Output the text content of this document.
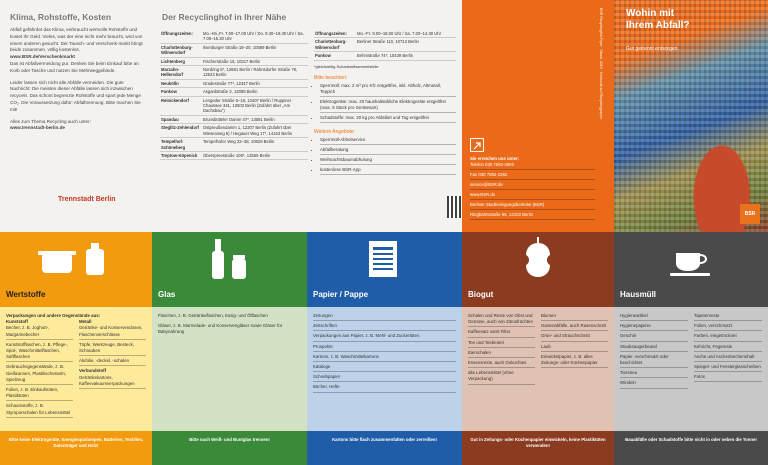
Klima, Rohstoffe, Kosten

Abfall gefährdet das Klima, verbraucht wertvolle Rohstoffe und kostet Ihr Geld. Vieles, was der eine nicht mehr braucht, wird von einem anderen gesucht. Der Tausch- und Verschenk-markt bringt beide zusammen, völlig kostenlos.

www.BSR.de/Verschenkmarkt

Das ist Abfallvermeidung pur. Denken Sie beim Einkauf bitte an Korb oder Tasche und nutzen Sie Mehrweggebinde.

Leider lassen sich nicht alle Abfälle vermeiden. Die gute Nachricht: Die meisten dieser Abfälle lassen sich inzwischen recyceln. Das schont begrenzte Rohstoffe und spart jede Menge CO₂. Die Voraussetzung dafür: Abfalltrennung. Bitte machen Sie mit!

Alles zum Thema Recycling auch unter:

www.trennstadt-berlin.de

Trennstadt Berlin
Der Recyclinghof in Ihrer Nähe
Öffnungszeiten:	Mo.–Mi.,Fr. 7.00–17.00 Uhr / Do. 9.30–19.30 Uhr / Sa. 7.00–15.30 Uhr
Charlottenburg-Wilmersdorf	Ilsenburger Straße 18–20, 10589 Berlin
Lichtenberg	Fischerstraße 16, 10317 Berlin
Marzahn-Hellersdorf	Nordring 5*, 12681 Berlin / Rahnsdorfer Straße 76, 12623 Berlin
Neukölln	Gradestraße 77*, 12347 Berlin
Pankow	Asgardstraße 3, 13089 Berlin
Reinickendorf	Lengeder Straße 6–18, 13407 Berlin / Ruppiner Chaussee 341, 13503 Berlin (Zufahrt über „Am Dachsbau")
Spandau	Brunsbütteler Damm 47*, 13581 Berlin
Steglitz-Zehlendorf	Ostpreußendamm 1, 12207 Berlin (Zufahrt über Wiesenweg 5) / Hegauer Weg 17*, 14163 Berlin
Tempelhof-Schöneberg	Tempelhofer Weg 32–38, 10829 Berlin
Treptow-Köpenick	Oberspreestraße 109*, 12555 Berlin
Öffnungszeiten:	Mo.–Fr. 9.00–18.00 Uhr / Sa. 7.00–14.30 Uhr
Charlottenburg-Wilmersdorf	Berliner Straße 110, 10713 Berlin
Pankow	Behmstraße 74*, 10439 Berlin
*gleichzeitig Schadstoffsammelstelle
Bitte beachten:
• Sperrmüll: max. 2 m³ pro Kfz entgeltfrei, inkl. Altholz, Altmetall, Teppich
• Elektrogeräte: max. 20 haushaltsübliche Elektrogeräte entgeltfrei (max. 5 Stück pro Gerätesart)
• Schadstoffe: max. 20 kg pro Abfallart und Tag entgeltfrei
Weitere Angebote:
• Sperrmüll-Abholservice
• Abfallberatung
• Weihnachtsbaumabholung
• kostenlose BSR-App
BSR Recyclinghof-Flyer · Stand: 2019 · Gedruckt auf Recyclingpapier
Sie erreichen uns unter:
Telefon 030 7592-4900
Fax 030 7592-2262
service@BSR.de
www.BSR.de
Berliner Stadtreinigungsbetriebe (BSR)
Ringbahnstraße 96, 12103 Berlin
Wohin mit
Ihrem Abfall?
Gut getrennt entsorgen.
BSR
Wertstoffe
Verpackungen und andere Gegenstände aus:
Kunststoff
Becher, z. B. Joghurt-, Margarinebecher
Kunststofflaschen, z. B. Pflege-, Spül-, Waschmittelflaschen, Saftflaschen
Gebrauchsgegenstände, z. B. Gießkannen, Plastikschüsseln, Spielzeug
Folien, z. B. Einkaufstüten, Plastiktüten
Schaumstoffe, z. B. Styroporschalen für Lebensmittel
Metall
Getränke- und Konservendosen, Flaschenverschlüsse
Töpfe, Werkzeuge, Besteck, Schrauben
Alufolie, -deckel, -schalen
Verbundstoff
Getränkekartons, Kaffeevakuumverpackungen
Bitte keine Elektrogeräte, Energiesparlampen, Batterien, Textilien, Datenträger und Holz!
Glas

Flaschen, z. B. Getränkeflaschen, Essig- und Ölflaschen

Gläser, z. B. Marmelade- und Konservengläser sowie Gläser für Babynahrung

Bitte nach Weiß- und Buntglas trennen!
Papier / Pappe
Zeitungen
Zeitschriften
Verpackungen aus Papier, z. B. Mehl- und Zuckertüten
Prospekte
Kartons, z. B. Waschmittelkartons
Kataloge
Schreibpapier
Bücher, Hefte
Kartons bitte flach zusammenfalten oder zerreißen!
Biogut
Schalen und Reste von Obst und Gemüse, auch von Zitrusfrüchten
Kaffeesatz samt Filter
Tee und Teebeutel
Eierschalen
Essensreste, auch Gekochtes
alte Lebensmittel (ohne Verpackung)
Blumen
Gartenabfälle, auch Rasenschnitt
Grün- und Strauchschnitt
Laub
Einwickelpapier, z. B. alles Zeitungs- oder Küchenpapier
Gut in Zeitungs- oder Küchenpapier einwickeln, keine Plastiktüten verwenden!
Hausmüll
Hygieneartikel
Hygienepapiere
Geschirr
Staubsaugerbeutel
Papier, verschmutzt oder beschichtet
Tierstreu
Windeln
Tapetenreste
Folien, verschmutzt
Farben, eingetrocknet
Kehricht, Fegereste
Asche und Aschenbecherinhalt
Spiegel- und Fensterglasscherben
Fotos
Bauabfälle oder Schadstoffe bitte nicht in oder neben die Tonne!
